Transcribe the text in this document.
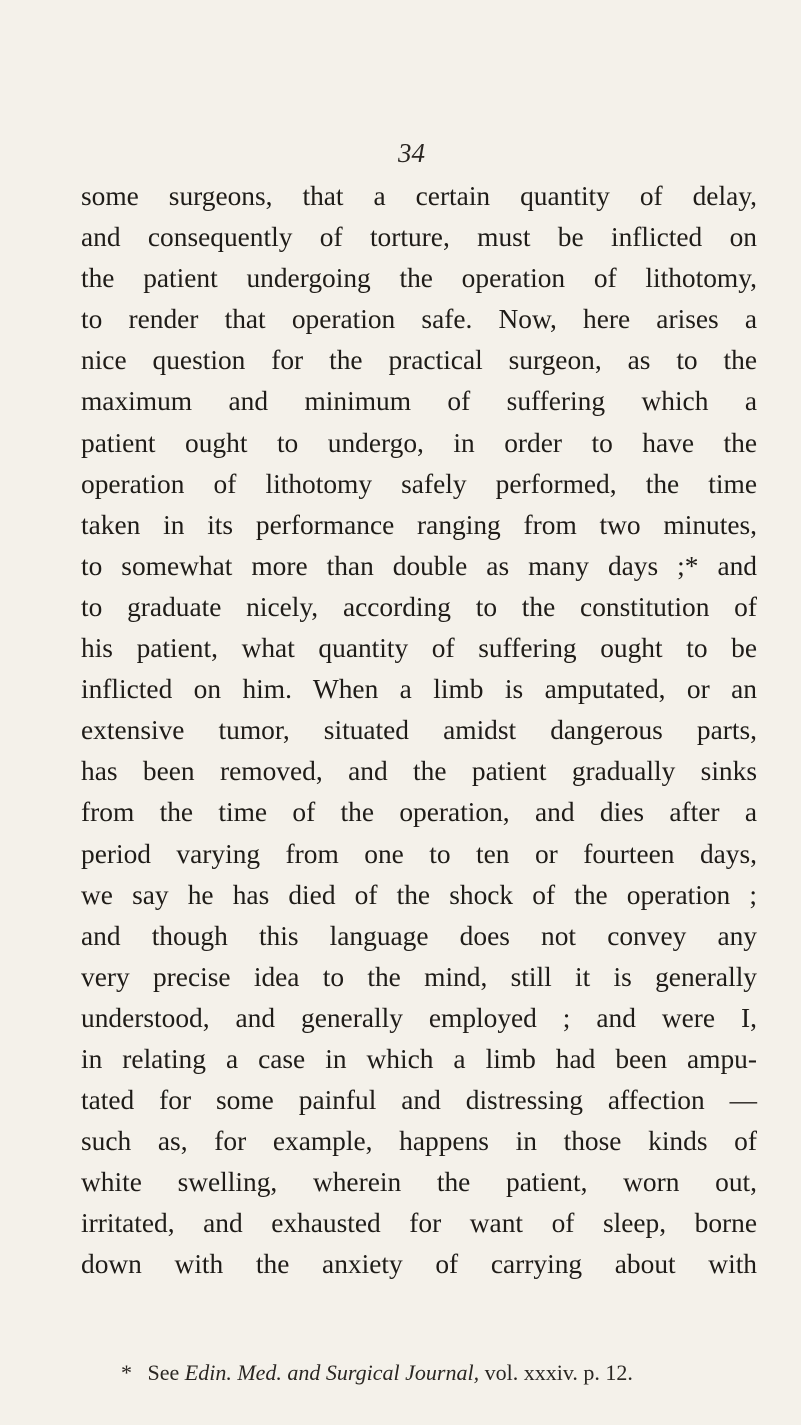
34
some surgeons, that a certain quantity of delay,
and consequently of torture, must be inflicted on
the patient undergoing the operation of lithotomy,
to render that operation safe. Now, here arises a
nice question for the practical surgeon, as to the
maximum and minimum of suffering which a
patient ought to undergo, in order to have the
operation of lithotomy safely performed, the time
taken in its performance ranging from two minutes,
to somewhat more than double as many days ;* and
to graduate nicely, according to the constitution of
his patient, what quantity of suffering ought to be
inflicted on him. When a limb is amputated, or an
extensive tumor, situated amidst dangerous parts,
has been removed, and the patient gradually sinks
from the time of the operation, and dies after a
period varying from one to ten or fourteen days,
we say he has died of the shock of the operation ;
and though this language does not convey any
very precise idea to the mind, still it is generally
understood, and generally employed ; and were I,
in relating a case in which a limb had been ampu-
tated for some painful and distressing affection —
such as, for example, happens in those kinds of
white swelling, wherein the patient, worn out,
irritated, and exhausted for want of sleep, borne
down with the anxiety of carrying about with
* See Edin. Med. and Surgical Journal, vol. xxxiv. p. 12.
